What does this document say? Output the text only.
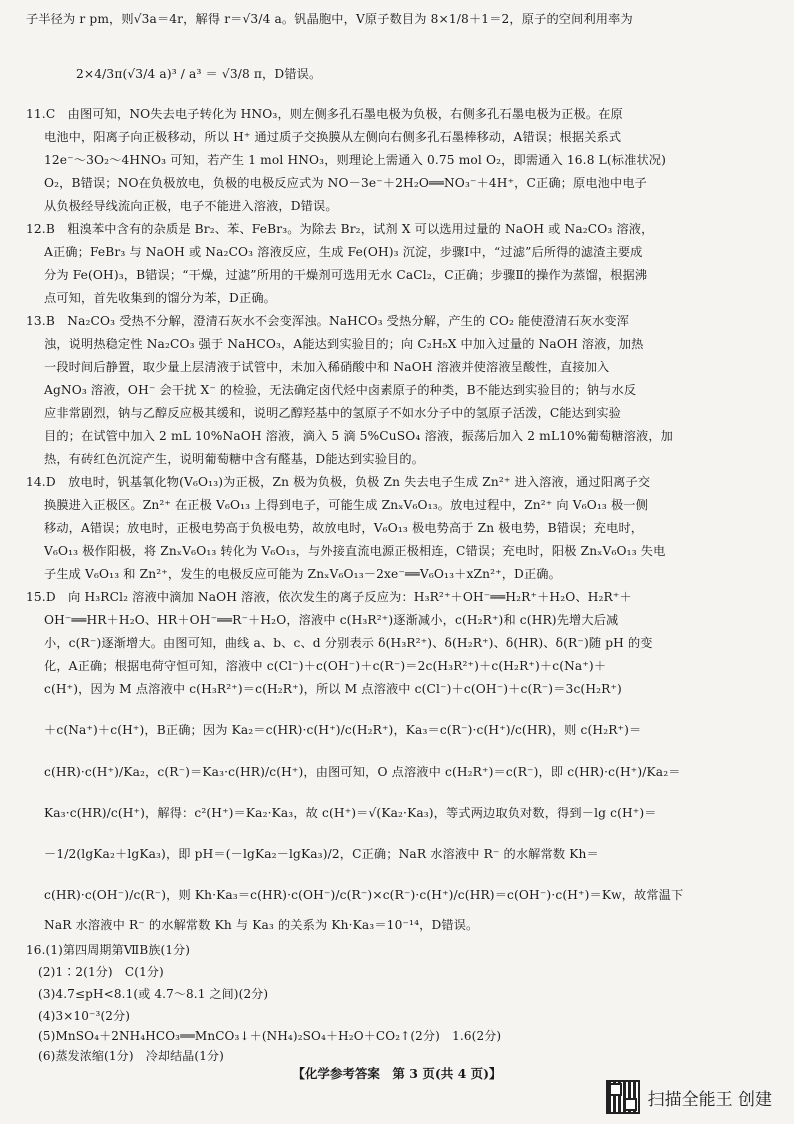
子半径为 r pm，则√3a＝4r，解得 r＝√3/4 a。钒晶胞中，V原子数目为 8×1/8＋1＝2，原子的空间利用率为
2×4/3π(√3/4 a)³ / a³ ＝ √3/8 π，D错误。
11.C　由图可知，NO失去电子转化为 HNO₃，则左侧多孔石墨电极为负极，右侧多孔石墨电极为正极。在原
电池中，阳离子向正极移动，所以 H⁺ 通过质子交换膜从左侧向右侧多孔石墨棒移动，A错误；根据关系式
12e⁻～3O₂～4HNO₃ 可知，若产生 1 mol HNO₃，则理论上需通入 0.75 mol O₂，即需通入 16.8 L(标准状况)
O₂，B错误；NO在负极放电，负极的电极反应式为 NO－3e⁻＋2H₂O══NO₃⁻＋4H⁺，C正确；原电池中电子
从负极经导线流向正极，电子不能进入溶液，D错误。
12.B　粗溴苯中含有的杂质是 Br₂、苯、FeBr₃。为除去 Br₂，试剂 X 可以选用过量的 NaOH 或 Na₂CO₃ 溶液，
A正确；FeBr₃ 与 NaOH 或 Na₂CO₃ 溶液反应，生成 Fe(OH)₃ 沉淀，步骤Ⅰ中，“过滤”后所得的滤渣主要成
分为 Fe(OH)₃，B错误；“干燥，过滤”所用的干燥剂可选用无水 CaCl₂，C正确；步骤Ⅱ的操作为蒸馏，根据沸
点可知，首先收集到的馏分为苯，D正确。
13.B　Na₂CO₃ 受热不分解，澄清石灰水不会变浑浊。NaHCO₃ 受热分解，产生的 CO₂ 能使澄清石灰水变浑
浊，说明热稳定性 Na₂CO₃ 强于 NaHCO₃，A能达到实验目的；向 C₂H₅X 中加入过量的 NaOH 溶液，加热
一段时间后静置，取少量上层清液于试管中，未加入稀硝酸中和 NaOH 溶液并使溶液呈酸性，直接加入
AgNO₃ 溶液，OH⁻ 会干扰 X⁻ 的检验，无法确定卤代烃中卤素原子的种类，B不能达到实验目的；钠与水反
应非常剧烈，钠与乙醇反应极其缓和，说明乙醇羟基中的氢原子不如水分子中的氢原子活泼，C能达到实验
目的；在试管中加入 2 mL 10%NaOH 溶液，滴入 5 滴 5%CuSO₄ 溶液，振荡后加入 2 mL10%葡萄糖溶液，加
热，有砖红色沉淀产生，说明葡萄糖中含有醛基，D能达到实验目的。
14.D　放电时，钒基氧化物(V₆O₁₃)为正极，Zn 极为负极，负极 Zn 失去电子生成 Zn²⁺ 进入溶液，通过阳离子交
换膜进入正极区。Zn²⁺ 在正极 V₆O₁₃ 上得到电子，可能生成 ZnₓV₆O₁₃。放电过程中，Zn²⁺ 向 V₆O₁₃ 极一侧
移动，A错误；放电时，正极电势高于负极电势，故放电时，V₆O₁₃ 极电势高于 Zn 极电势，B错误；充电时，
V₆O₁₃ 极作阳极，将 ZnₓV₆O₁₃ 转化为 V₆O₁₃，与外接直流电源正极相连，C错误；充电时，阳极 ZnₓV₆O₁₃ 失电
子生成 V₆O₁₃ 和 Zn²⁺，发生的电极反应可能为 ZnₓV₆O₁₃－2xe⁻══V₆O₁₃＋xZn²⁺，D正确。
15.D　向 H₃RCl₂ 溶液中滴加 NaOH 溶液，依次发生的离子反应为：H₃R²⁺＋OH⁻══H₂R⁺＋H₂O、H₂R⁺＋
OH⁻══HR＋H₂O、HR＋OH⁻══R⁻＋H₂O，溶液中 c(H₃R²⁺)逐渐减小，c(H₂R⁺)和 c(HR)先增大后减
小，c(R⁻)逐渐增大。由图可知，曲线 a、b、c、d 分别表示 δ(H₃R²⁺)、δ(H₂R⁺)、δ(HR)、δ(R⁻)随 pH 的变
化，A正确；根据电荷守恒可知，溶液中 c(Cl⁻)＋c(OH⁻)＋c(R⁻)＝2c(H₃R²⁺)＋c(H₂R⁺)＋c(Na⁺)＋
c(H⁺)，因为 M 点溶液中 c(H₃R²⁺)＝c(H₂R⁺)，所以 M 点溶液中 c(Cl⁻)＋c(OH⁻)＋c(R⁻)＝3c(H₂R⁺)
＋c(Na⁺)＋c(H⁺)，B正确；因为 Ka₂＝c(HR)·c(H⁺)/c(H₂R⁺)，Ka₃＝c(R⁻)·c(H⁺)/c(HR)，则 c(H₂R⁺)＝
c(HR)·c(H⁺)/Ka₂，c(R⁻)＝Ka₃·c(HR)/c(H⁺)，由图可知，O 点溶液中 c(H₂R⁺)＝c(R⁻)，即 c(HR)·c(H⁺)/Ka₂＝
Ka₃·c(HR)/c(H⁺)，解得：c²(H⁺)＝Ka₂·Ka₃，故 c(H⁺)＝√(Ka₂·Ka₃)，等式两边取负对数，得到－lg c(H⁺)＝
－1/2(lgKa₂＋lgKa₃)，即 pH＝(－lgKa₂－lgKa₃)/2，C正确；NaR 水溶液中 R⁻ 的水解常数 Kh＝
c(HR)·c(OH⁻)/c(R⁻)，则 Kh·Ka₃＝c(HR)·c(OH⁻)/c(R⁻)×c(R⁻)·c(H⁺)/c(HR)＝c(OH⁻)·c(H⁺)＝Kw，故常温下
NaR 水溶液中 R⁻ 的水解常数 Kh 与 Ka₃ 的关系为 Kh·Ka₃＝10⁻¹⁴，D错误。
16.(1)第四周期第ⅦB族(1分)
(2)1∶2(1分)　C(1分)
(3)4.7≤pH<8.1(或 4.7～8.1 之间)(2分)
(4)3×10⁻³(2分)
(5)MnSO₄＋2NH₄HCO₃══MnCO₃↓＋(NH₄)₂SO₄＋H₂O＋CO₂↑(2分)　1.6(2分)
(6)蒸发浓缩(1分)　冷却结晶(1分)
【化学参考答案　第 3 页(共 4 页)】
扫描全能王 创建
